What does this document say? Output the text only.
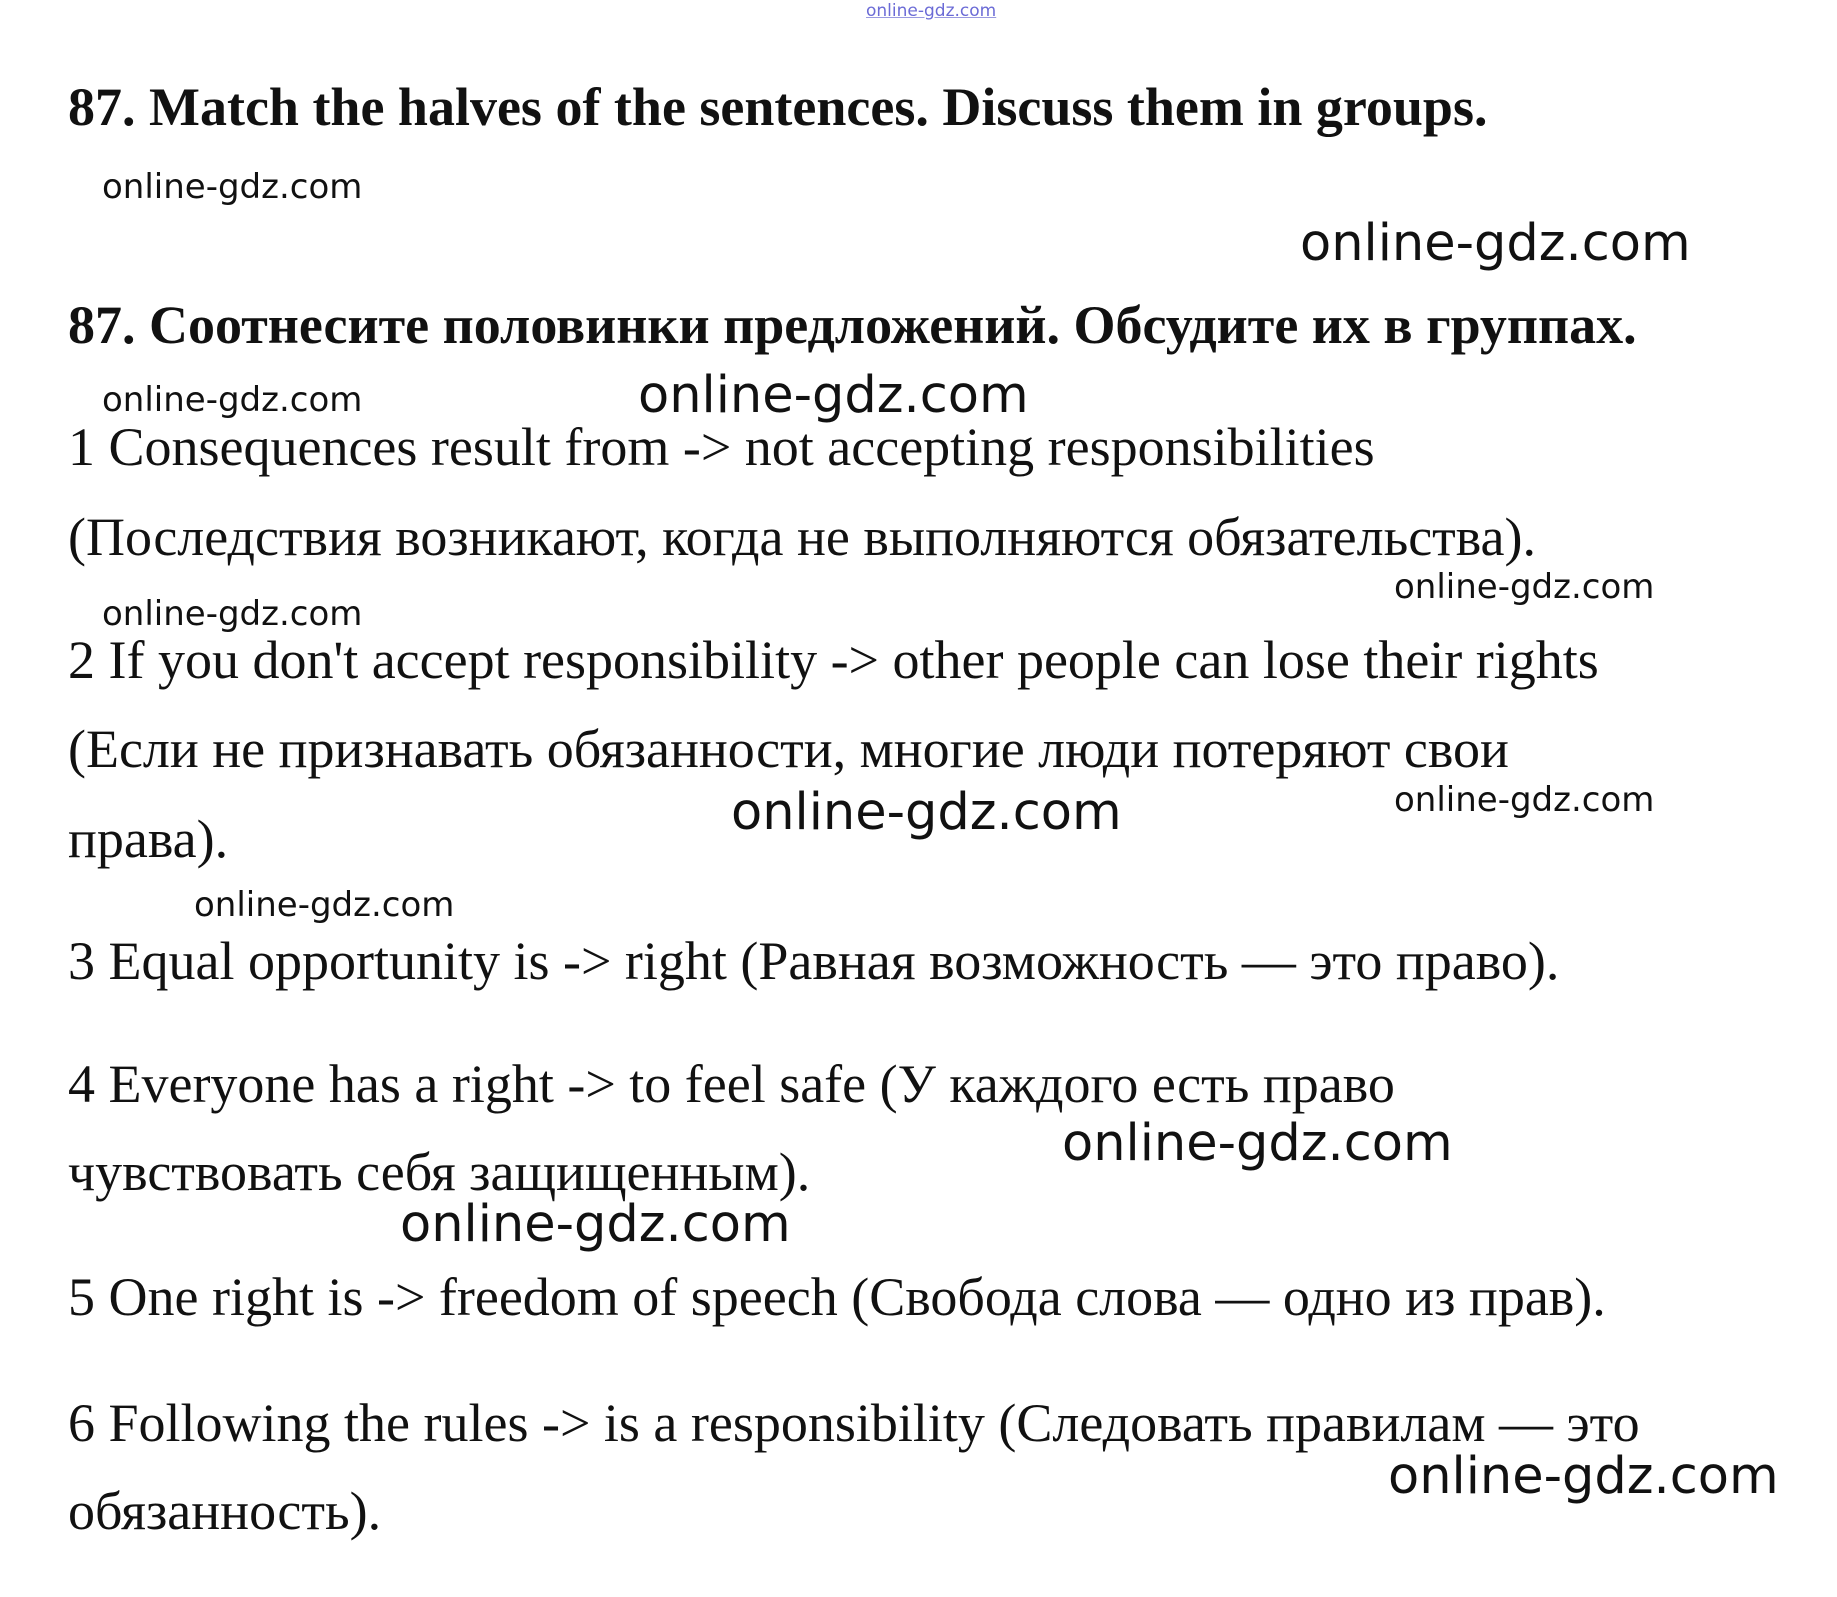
online-gdz.com
87. Match the halves of the sentences. Discuss them in groups.
online-gdz.com
online-gdz.com
87. Соотнесите половинки предложений. Обсудите их в группах.
online-gdz.com	online-gdz.com
1 Consequences result from -> not accepting responsibilities
(Последствия возникают, когда не выполняются обязательства).
online-gdz.com
online-gdz.com
2 If you don't accept responsibility -> other people can lose their rights
(Если не признавать обязанности, многие люди потеряют свои
online-gdz.com
online-gdz.com
права).
online-gdz.com
3 Equal opportunity is -> right (Равная возможность — это право).
4 Everyone has a right -> to feel safe (У каждого есть право
online-gdz.com
чувствовать себя защищенным).
online-gdz.com
5 One right is -> freedom of speech (Свобода слова — одно из прав).
6 Following the rules -> is a responsibility (Следовать правилам — это
online-gdz.com
обязанность).
